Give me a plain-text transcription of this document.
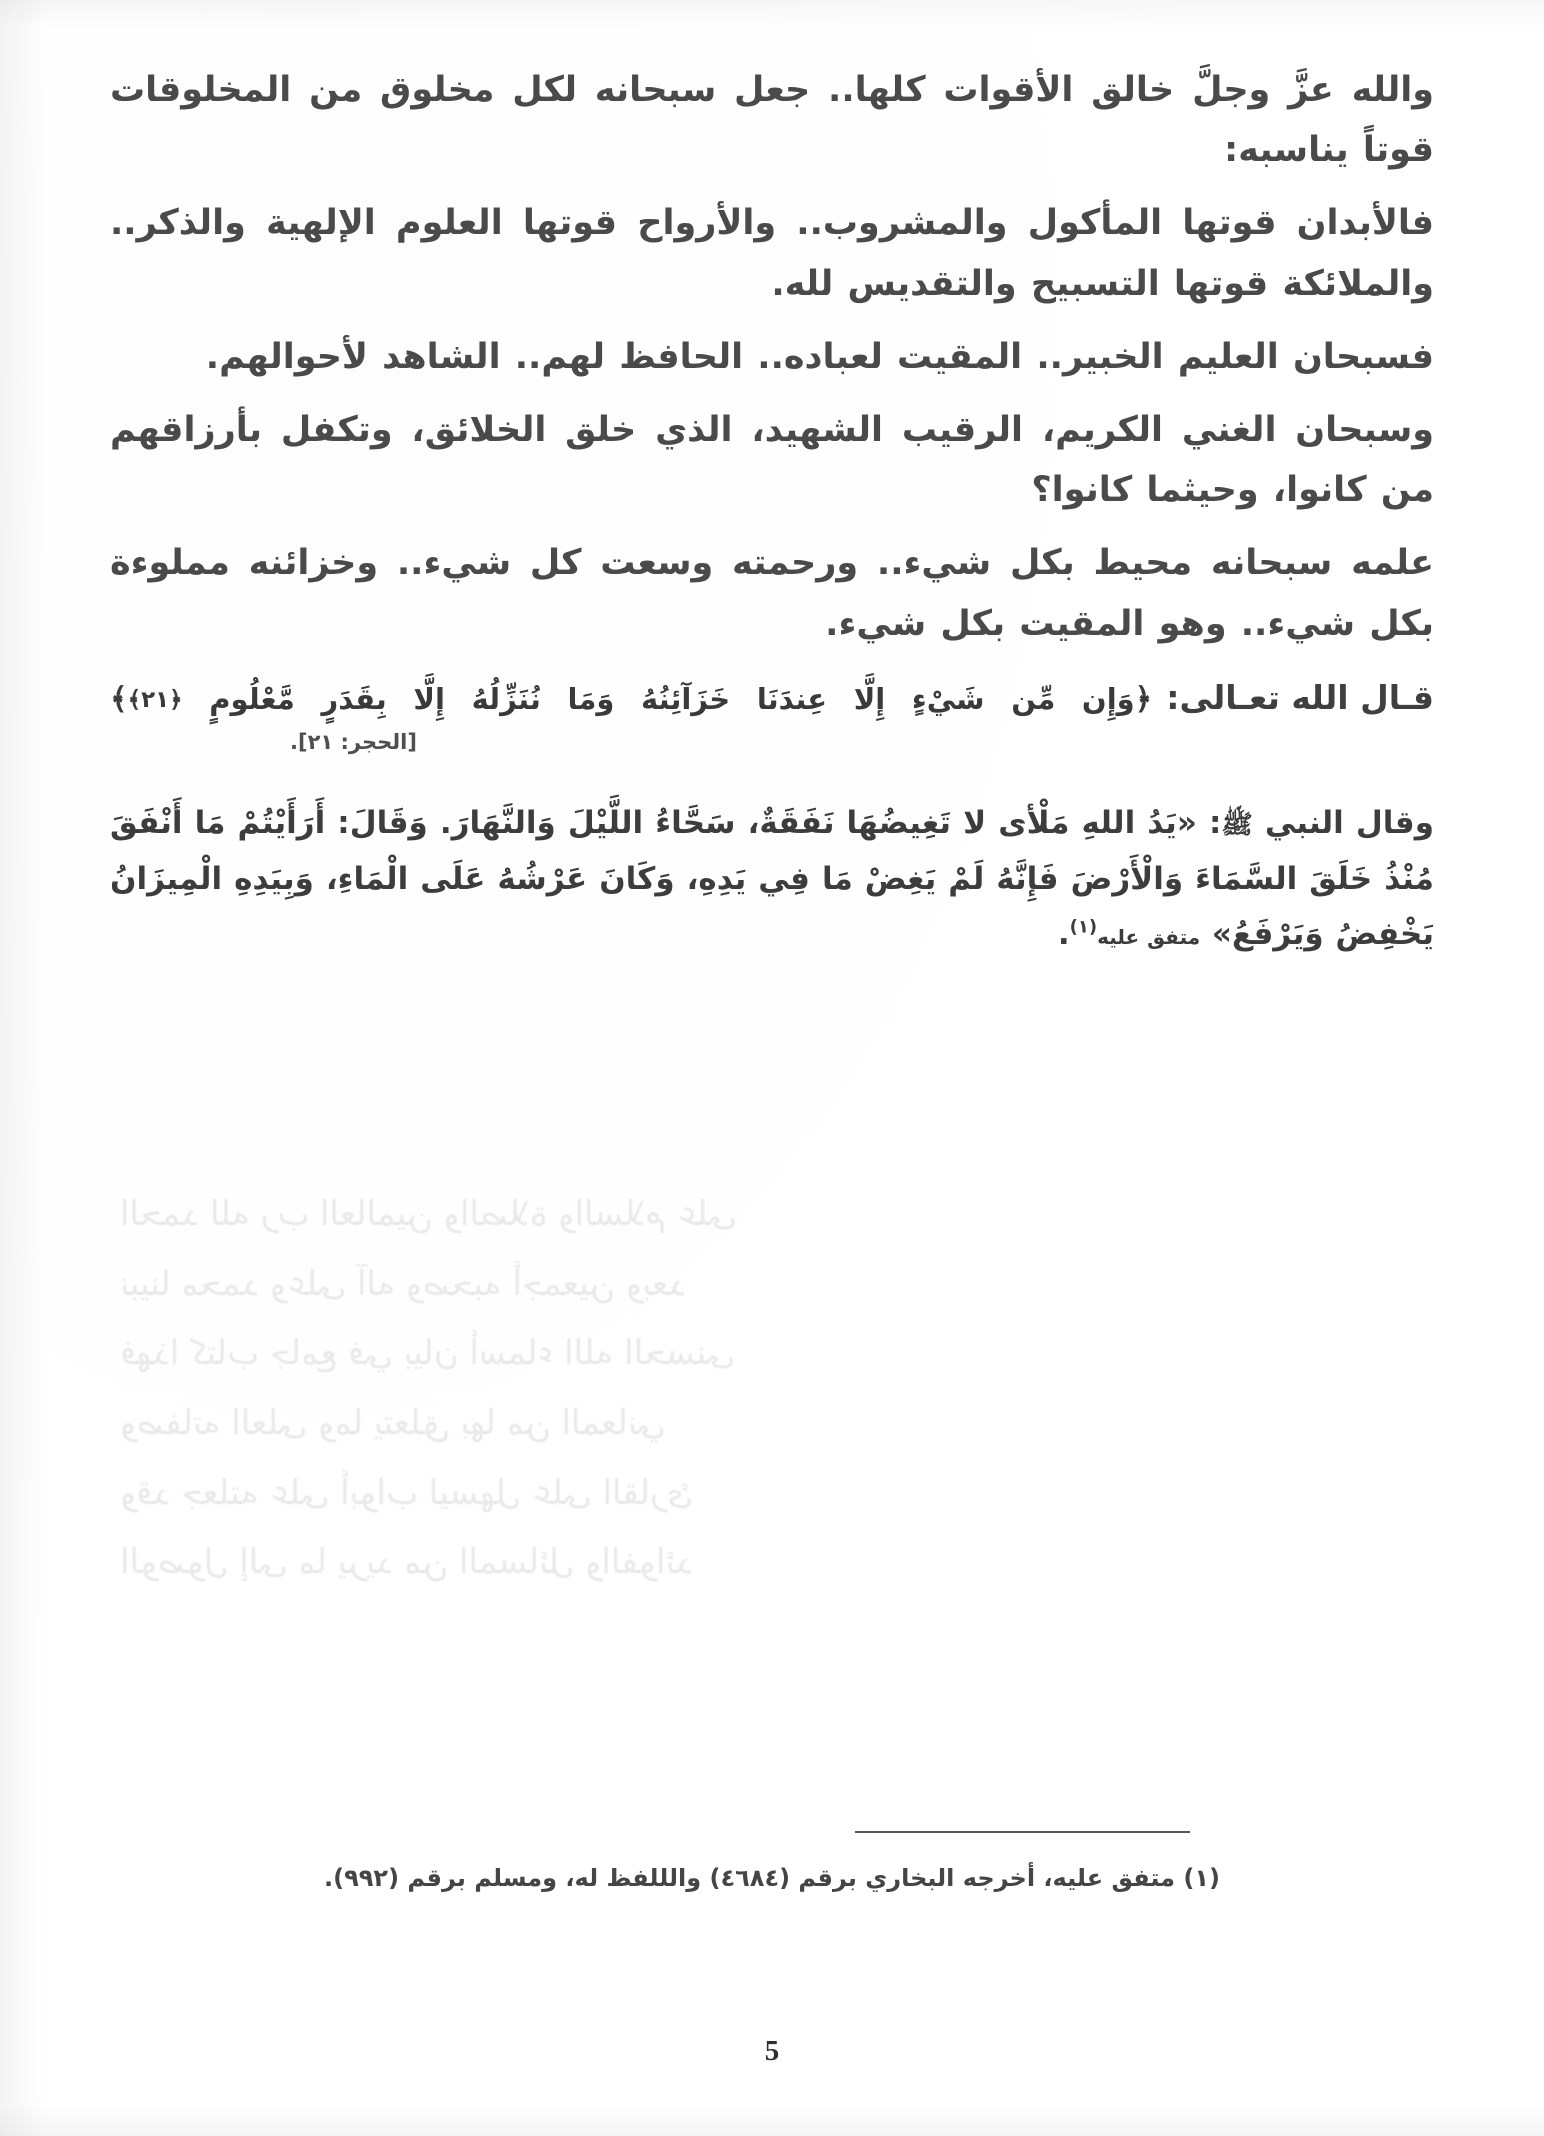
الحمد لله رب العالمين والصلاة والسلام على
نبينا محمد وعلى آله وصحبه أجمعين وبعد
فهذا كتاب جامع في بيان أسماء الله الحسنى
وصفاته العلى وما يتعلق بها من المعاني
وقد جعلته على أبواب ليسهل على القارئ
الوصول إلى ما يريد من المسائل والفوائد

والله عزَّ وجلَّ خالق الأقوات كلها.. جعل سبحانه لكل مخلوق من المخلوقات قوتاً يناسبه:

فالأبدان قوتها المأكول والمشروب.. والأرواح قوتها العلوم الإلهية والذكر.. والملائكة قوتها التسبيح والتقديس لله.

فسبحان العليم الخبير.. المقيت لعباده.. الحافظ لهم.. الشاهد لأحوالهم.

وسبحان الغني الكريم، الرقيب الشهيد، الذي خلق الخلائق، وتكفل بأرزاقهم من كانوا، وحيثما كانوا؟

علمه سبحانه محيط بكل شيء.. ورحمته وسعت كل شيء.. وخزائنه مملوءة بكل شيء.. وهو المقيت بكل شيء.

قـال الله تعـالى:
﴿وَإِن مِّن شَيْءٍ إِلَّا عِندَنَا خَزَآئِنُهُ وَمَا نُنَزِّلُهُ إِلَّا بِقَدَرٍ مَّعْلُومٍ ﴿٢١﴾﴾
[الحجر: ٢١].

وقال النبي ﷺ: «يَدُ اللهِ مَلْأى لا تَغِيضُهَا نَفَقَةٌ، سَحَّاءُ اللَّيْلَ وَالنَّهَارَ. وَقَالَ: أَرَأَيْتُمْ مَا أَنْفَقَ مُنْذُ خَلَقَ السَّمَاءَ وَالْأَرْضَ فَإِنَّهُ لَمْ يَغِضْ مَا فِي يَدِهِ، وَكَانَ عَرْشُهُ عَلَى الْمَاءِ، وَبِيَدِهِ الْمِيزَانُ يَخْفِضُ وَيَرْفَعُ» متفق عليه$^{(١)}$.

(١) متفق عليه، أخرجه البخاري برقم (٤٦٨٤) والللفظ له، ومسلم برقم (٩٩٢).
5
